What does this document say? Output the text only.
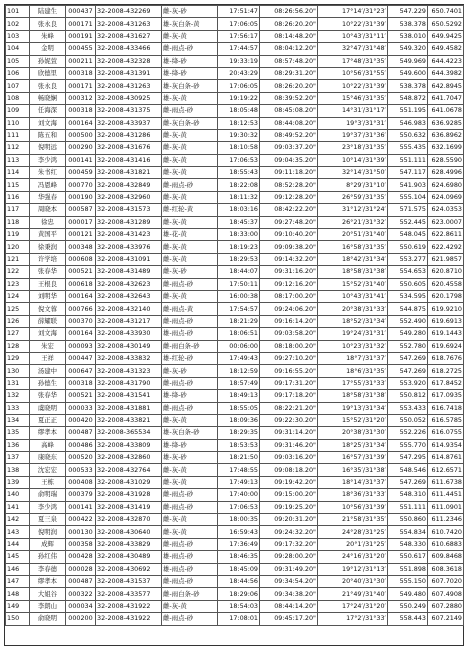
101	陆建生	000437	32-2008-432269	雌-灰-砂	17:51:47	08:26:56.20"	17°14′/31°23′	547.229	650.7401
102	张永良	000171	32-2008-431263	雄-灰白条-黄	17:06:05	08:26:20.20"	10°22′/31°39′	538.378	650.5292
103	朱峰	000191	32-2008-431627	雌-灰-黄	17:56:17	08:14:48.20"	10°43′/31°11′	538.010	649.9425
104	金明	000455	32-2008-433466	雌-雨点-砂	17:44:57	08:04:12.20"	32°47′/31°48′	549.320	649.4582
105	孙妮萱	000211	32-2008-432328	雄-绛-砂	19:33:19	08:57:48.20"	17°48′/31°35′	549.969	644.4223
106	欣德里	000318	32-2008-431391	雄-绛-砂	20:43:29	08:29:31.20"	10°56′/31°55′	549.600	644.3982
107	张永良	000171	32-2008-431263	雄-灰白条-砂	17:06:05	08:26:20.20"	10°22′/31°39′	538.378	642.8945
108	畅晓娴	000312	32-2008-430925	雄-灰-黄	19:19:22	08:39:52.20"	15°46′/31°35′	548.872	641.7047
109	任海深	000318	32-2008-431375	雌-雨点-砂	18:05:48	08:45:08.20"	14°31′/31°17′	551.195	641.0678
110	刘文海	000164	32-2008-433937	雌-灰白条-砂	18:12:53	08:44:08.20"	19°3′/31°31′	546.983	636.9285
111	陈五和	000500	32-2008-431286	雌-灰-黄	19:30:32	08:49:52.20"	19°37′/31°36′	550.632	636.8962
112	倪明远	000290	32-2008-431676	雌-灰-黄	18:10:58	09:03:37.20"	23°18′/31°35′	555.435	632.1699
113	李少鸿	000141	32-2008-431416	雌-灰-黄	17:06:53	09:04:35.20"	10°14′/31°39′	551.111	628.5590
114	朱书红	000459	32-2008-431821	雌-灰-黄	18:55:43	09:11:18.20"	32°14′/31°50′	547.117	628.4996
115	冯恩峰	000770	32-2008-432849	雌-雨点-砂	18:22:08	08:52:28.20"	8°29′/31°10′	541.903	624.6980
116	华强春	000190	32-2008-432960	雌-灰-黄	18:11:32	09:12:28.20"	26°59′/31°35′	555.104	624.0969
117	周晓本	000587	32-2008-431573	雌-红轮-黄	18:03:16	08:42:22.20"	31°12′/31°24′	571.575	624.0353
118	徐忠	000017	32-2008-431289	雌-灰-黄	18:45:37	09:27:48.20"	26°21′/31°32′	552.445	623.0007
119	黄国平	000121	32-2008-431423	雄-花-黄	18:33:00	09:10:40.20"	20°51′/31°40′	548.045	622.8611
120	徐秉润	000348	32-2008-433976	雌-灰-黄	18:19:23	09:09:38.20"	16°58′/31°35′	550.619	622.4292
121	许学培	000608	32-2008-431091	雌-灰-黄	18:29:53	09:14:32.20"	18°42′/31°34′	553.277	621.9857
122	张春华	000521	32-2008-431489	雌-灰-砂	18:44:07	09:31:16.20"	18°58′/31°38′	554.653	620.8710
123	王根良	000618	32-2008-432623	雌-雨点-砂	17:50:11	09:12:16.20"	15°52′/31°40′	550.605	620.4558
124	刘明华	000164	32-2008-432643	雌-灰-黄	16:00:38	08:17:00.20"	10°43′/31°41′	534.595	620.1798
125	倪文蓉	000766	32-2008-432140	雌-雨点-黄	17:54:57	09:24:06.20"	20°38′/31°33′	544.875	619.9210
126	薛耀联	000370	32-2008-431217	雌-雨点-砂	18:21:29	09:16:14.20"	18°52′/31°34′	552.490	619.6913
127	刘文海	000164	32-2008-433930	雄-雨点-砂	18:06:51	09:03:58.20"	19°24′/31°31′	549.280	619.1443
128	朱宏	000093	32-2008-430149	雌-雨白条-砂	00:06:00	08:18:00.20"	10°23′/31°32′	552.780	619.6924
129	王祥	000447	32-2008-433832	雄-红轮-砂	17:49:43	09:27:10.20"	18°7′/31°37′	547.269	618.7676
130	汤建中	000647	32-2008-431323	雌-灰-砂	18:12:59	09:16:55.20"	18°6′/31°35′	547.269	618.2725
131	孙德生	000318	32-2008-431790	雌-雨点-砂	18:57:49	09:17:31.20"	17°55′/31°33′	553.920	617.8452
132	张春华	000521	32-2008-431541	雄-绛-砂	18:49:13	09:17:18.20"	18°58′/31°38′	550.812	617.0935
133	虞晓明	000033	32-2008-431881	雌-雨点-砂	18:55:05	08:22:21.20"	19°13′/31°34′	553.433	616.7418
134	夏正正	000420	32-2008-433821	雌-灰-黄	18:09:36	09:22:30.20"	15°52′/31°20′	550.052	616.5785
135	缪孝本	000487	32-2008-365534	雄-灰白条-砂	18:29:35	09:31:14.20"	20°38′/31°30′	552.226	616.0755
136	高峰	000486	32-2008-433809	雄-绛-砂	18:53:53	09:31:46.20"	18°25′/31°34′	555.770	614.9354
137	康晓东	000520	32-2008-432860	雄-灰-砂	18:21:50	09:03:16.20"	16°57′/31°39′	547.295	614.8761
138	沈宏宏	000533	32-2008-432764	雌-灰-黄	17:48:55	09:08:18.20"	16°35′/31°38′	548.546	612.6571
139	王栋	000408	32-2008-431029	雌-灰-黄	17:49:13	09:19:42.20"	18°14′/31°37′	547.269	611.6738
140	俞明瑞	000379	32-2008-431928	雌-雨点-砂	17:40:00	09:15:00.20"	18°36′/31°33′	548.310	611.4451
141	李少鸿	000141	32-2008-431419	雌-雨点-砂	17:06:53	09:19:25.20"	10°56′/31°39′	551.111	611.0901
142	夏三泉	000422	32-2008-432870	雌-灰-黄	18:00:35	09:20:31.20"	21°58′/31°35′	550.860	611.2346
143	倪明润	000130	32-2008-430640	雌-灰-黄	16:59:43	09:24:32.20"	24°28′/31°25′	554.834	610.7420
144	成辉	000358	32-2008-433829	雌-雨点-砂	17:36:49	09:17:32.20"	20°1′/31°25′	548.330	610.6883
145	孙红伟	000428	32-2008-430489	雄-雨点-砂	18:46:35	09:28:00.20"	24°16′/31°20′	550.617	609.8468
146	李春德	000028	32-2008-430692	雄-雨点-砂	18:45:09	09:31:49.20"	19°12′/31°13′	551.898	608.3618
147	缪孝本	000487	32-2008-431537	雌-雨点-砂	18:44:56	09:34:54.20"	20°40′/31°30′	555.150	607.7020
148	大姐谷	000322	32-2008-433577	雌-雨白条-砂	18:29:06	09:34:38.20"	21°49′/31°40′	549.480	607.4908
149	李朗山	000034	32-2008-431922	雌-灰-黄	18:54:03	08:44:14.20"	17°24′/31°20′	550.249	607.2880
150	俞晓明	000200	32-2008-431922	雌-雨点-砂	17:08:01	09:45:17.20"	17°2′/31°33′	558.443	607.2149
